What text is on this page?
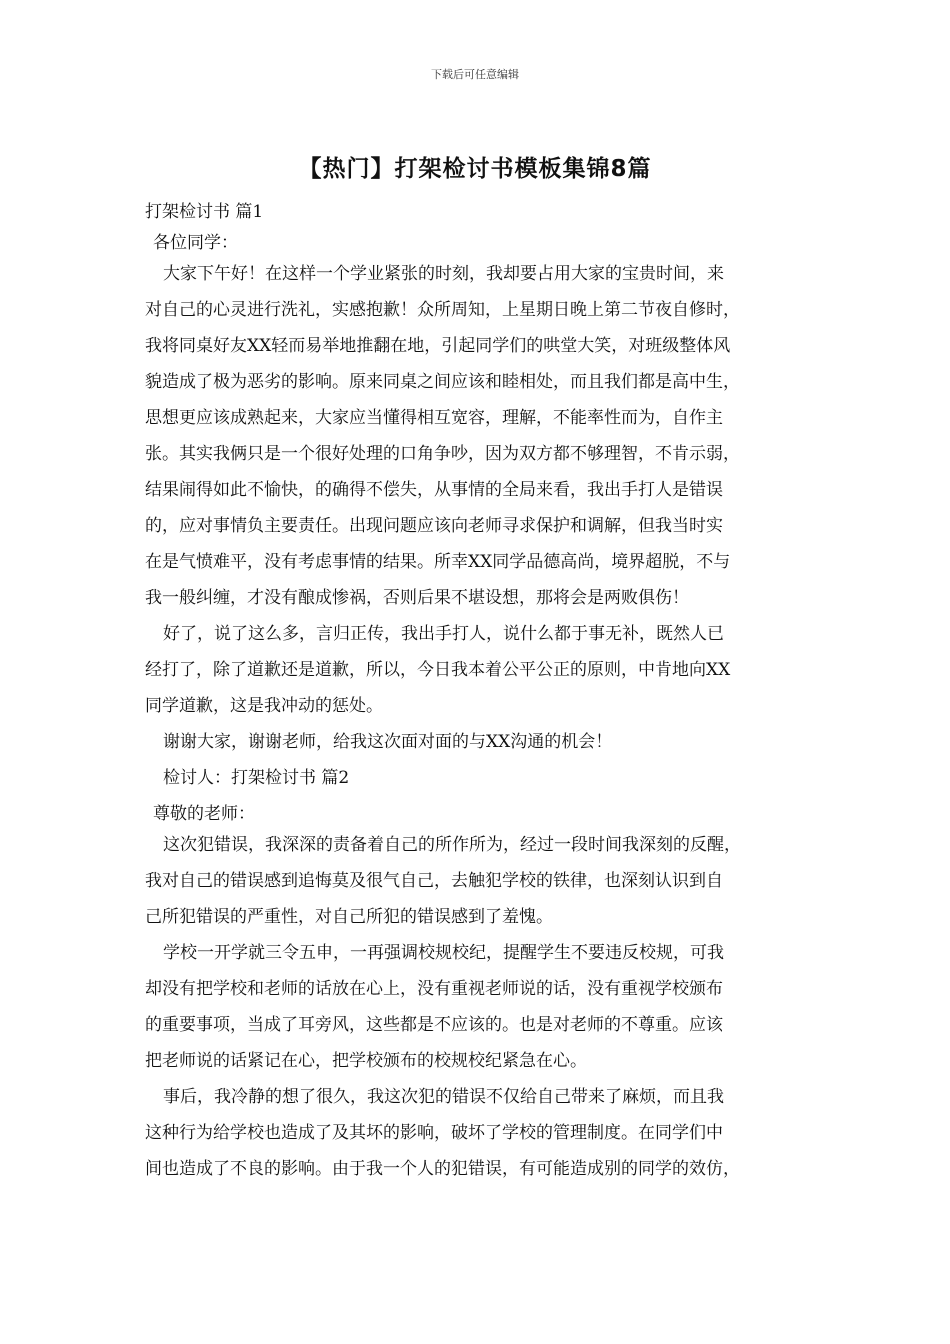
下载后可任意编辑
【热门】打架检讨书模板集锦8篇
打架检讨书 篇1
各位同学：
大家下午好！在这样一个学业紧张的时刻，我却要占用大家的宝贵时间，来
对自己的心灵进行洗礼，实感抱歉！众所周知，上星期日晚上第二节夜自修时，
我将同桌好友XX轻而易举地推翻在地，引起同学们的哄堂大笑，对班级整体风
貌造成了极为恶劣的影响。原来同桌之间应该和睦相处，而且我们都是高中生，
思想更应该成熟起来，大家应当懂得相互宽容，理解，不能率性而为，自作主
张。其实我俩只是一个很好处理的口角争吵，因为双方都不够理智，不肯示弱，
结果闹得如此不愉快，的确得不偿失，从事情的全局来看，我出手打人是错误
的，应对事情负主要责任。出现问题应该向老师寻求保护和调解，但我当时实
在是气愤难平，没有考虑事情的结果。所幸XX同学品德高尚，境界超脱，不与
我一般纠缠，才没有酿成惨祸，否则后果不堪设想，那将会是两败俱伤！
好了，说了这么多，言归正传，我出手打人，说什么都于事无补，既然人已
经打了，除了道歉还是道歉，所以，今日我本着公平公正的原则，中肯地向XX
同学道歉，这是我冲动的惩处。
谢谢大家，谢谢老师，给我这次面对面的与XX沟通的机会！
检讨人：打架检讨书 篇2
尊敬的老师：
这次犯错误，我深深的责备着自己的所作所为，经过一段时间我深刻的反醒，
我对自己的错误感到追悔莫及很气自己，去触犯学校的铁律，也深刻认识到自
己所犯错误的严重性，对自己所犯的错误感到了羞愧。
学校一开学就三令五申，一再强调校规校纪，提醒学生不要违反校规，可我
却没有把学校和老师的话放在心上，没有重视老师说的话，没有重视学校颁布
的重要事项，当成了耳旁风，这些都是不应该的。也是对老师的不尊重。应该
把老师说的话紧记在心，把学校颁布的校规校纪紧急在心。
事后，我冷静的想了很久，我这次犯的错误不仅给自己带来了麻烦，而且我
这种行为给学校也造成了及其坏的影响，破坏了学校的管理制度。在同学们中
间也造成了不良的影响。由于我一个人的犯错误，有可能造成别的同学的效仿，
